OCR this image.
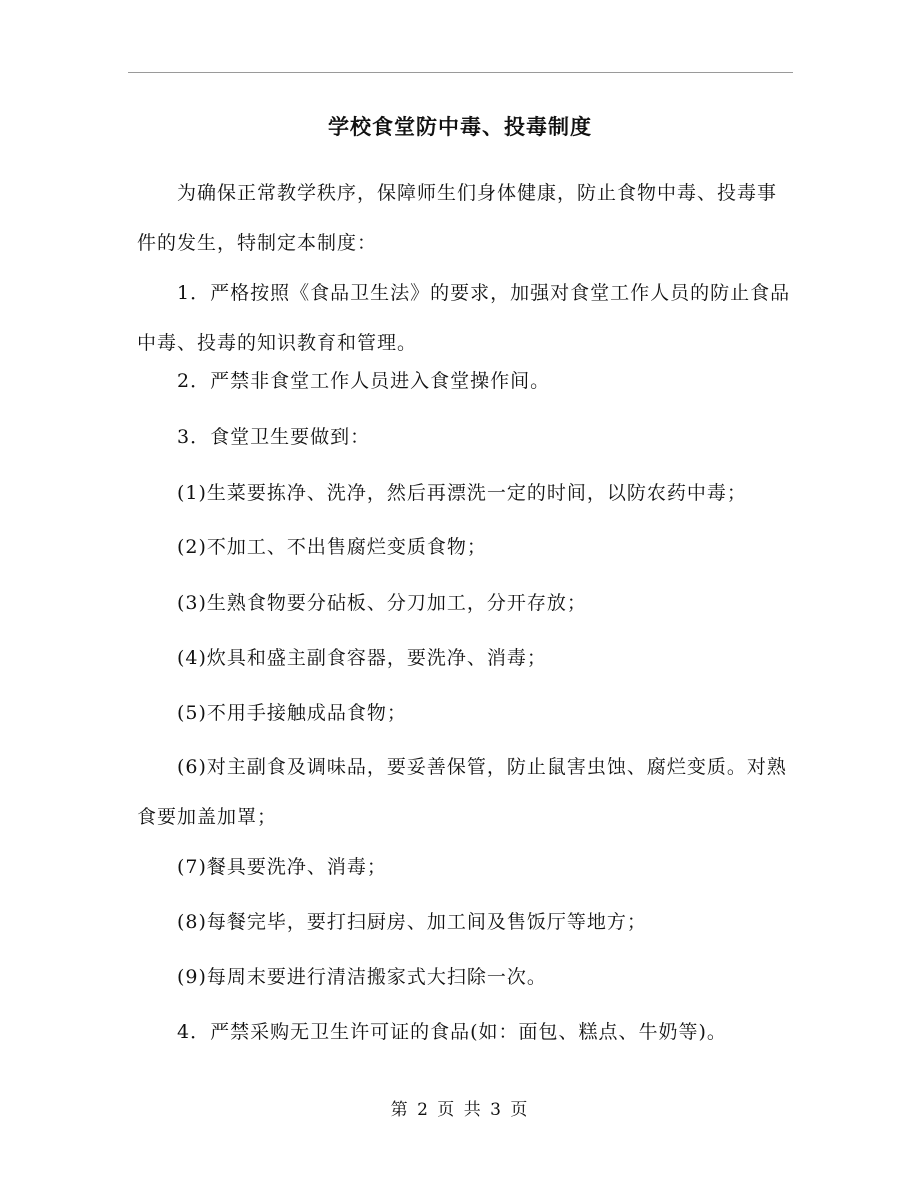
学校食堂防中毒、投毒制度
　　为确保正常教学秩序，保障师生们身体健康，防止食物中毒、投毒事件的发生，特制定本制度：
　　1．严格按照《食品卫生法》的要求，加强对食堂工作人员的防止食品中毒、投毒的知识教育和管理。
　　2．严禁非食堂工作人员进入食堂操作间。
　　3．食堂卫生要做到：
　　(1)生菜要拣净、洗净，然后再漂洗一定的时间，以防农药中毒；
　　(2)不加工、不出售腐烂变质食物；
　　(3)生熟食物要分砧板、分刀加工，分开存放；
　　(4)炊具和盛主副食容器，要洗净、消毒；
　　(5)不用手接触成品食物；
　　(6)对主副食及调味品，要妥善保管，防止鼠害虫蚀、腐烂变质。对熟食要加盖加罩；
　　(7)餐具要洗净、消毒；
　　(8)每餐完毕，要打扫厨房、加工间及售饭厅等地方；
　　(9)每周末要进行清洁搬家式大扫除一次。
　　4．严禁采购无卫生许可证的食品(如：面包、糕点、牛奶等)。
第 2 页 共 3 页
